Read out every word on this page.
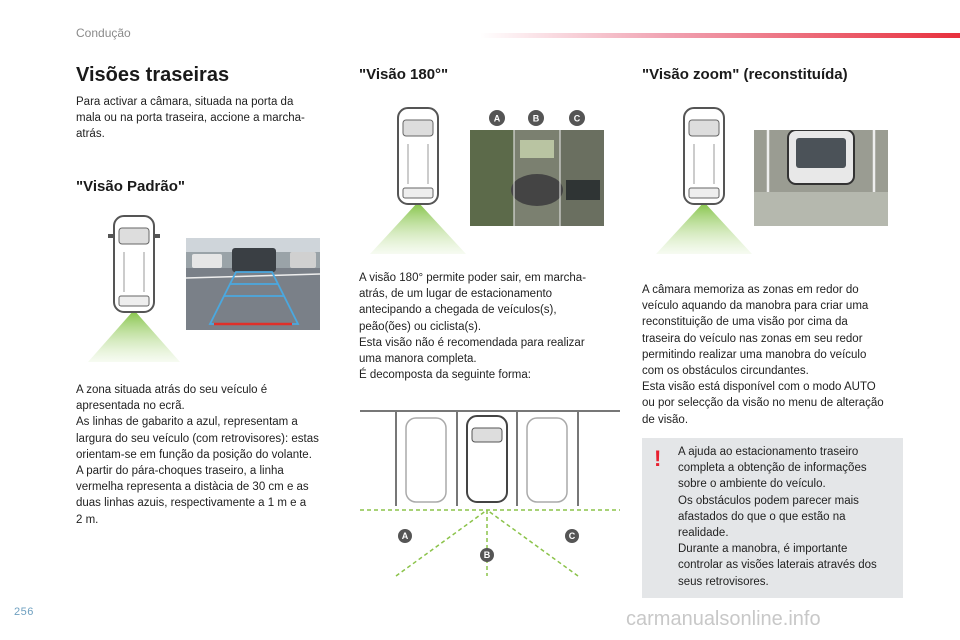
Condução
Visões traseiras
Para activar a câmara, situada na porta da
mala ou na porta traseira, accione a marcha-
atrás.
"Visão Padrão"
A zona situada atrás do seu veículo é
apresentada no ecrã.
As linhas de gabarito a azul, representam a
largura do seu veículo (com retrovisores): estas
orientam-se em função da posição do volante.
A partir do pára-choques traseiro, a linha
vermelha representa a distàcia de 30 cm e as
duas linhas azuis, respectivamente a 1 m e a
2 m.
"Visão 180°"
A	B	C
A visão 180° permite poder sair, em marcha-
atrás, de um lugar de estacionamento
antecipando a chegada de veículos(s),
peão(ões) ou ciclista(s).
Esta visão não é recomendada para realizar
uma manora completa.
É decomposta da seguinte forma:
A
B
C
"Visão zoom" (reconstituída)
A câmara memoriza as zonas em redor do
veículo aquando da manobra para criar uma
reconstituição de uma visão por cima da
traseira do veículo nas zonas em seu redor
permitindo realizar uma manobra do veículo
com os obstáculos circundantes.
Esta visão está disponível com o modo AUTO
ou por selecção da visão no menu de alteração
de visão.
! A ajuda ao estacionamento traseiro
completa a obtenção de informações
sobre o ambiente do veículo.
Os obstáculos podem parecer mais
afastados do que o que estão na
realidade.
Durante a manobra, é importante
controlar as visões laterais através dos
seus retrovisores.
256	carmanualsonline.info
